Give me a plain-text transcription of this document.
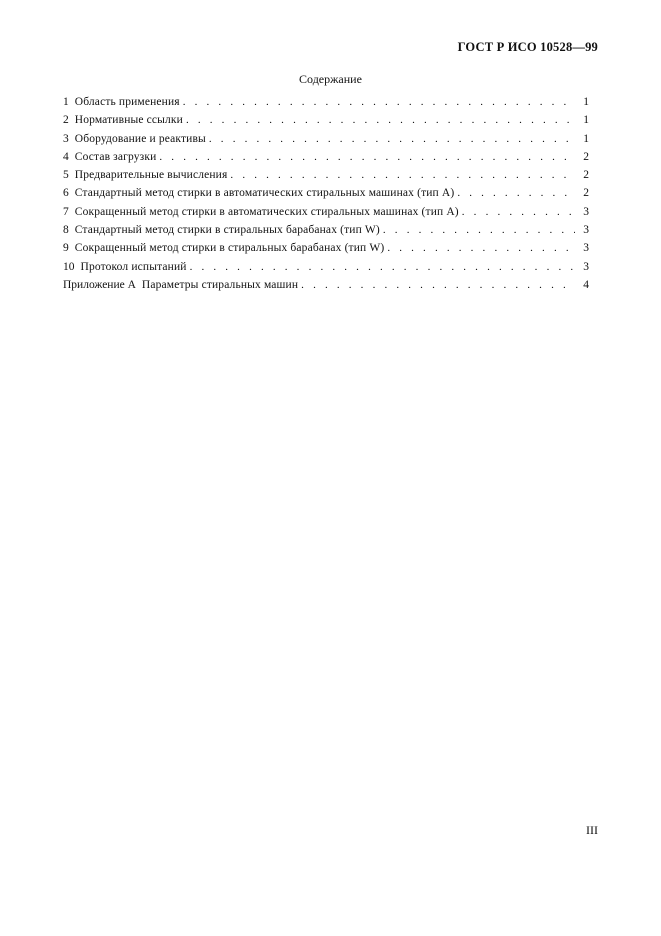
ГОСТ Р ИСО 10528—99
Содержание
1 Область применения . . .	1
2 Нормативные ссылки . . .	1
3 Оборудование и реактивы . . .	1
4 Состав загрузки . . .	2
5 Предварительные вычисления . . .	2
6 Стандартный метод стирки в автоматических стиральных машинах (тип А) . . .	2
7 Сокращенный метод стирки в автоматических стиральных машинах (тип А) . . .	3
8 Стандартный метод стирки в стиральных барабанах (тип W) . . .	3
9 Сокращенный метод стирки в стиральных барабанах (тип W) . . .	3
10 Протокол испытаний . . .	3
Приложение А Параметры стиральных машин . . .	4
III
